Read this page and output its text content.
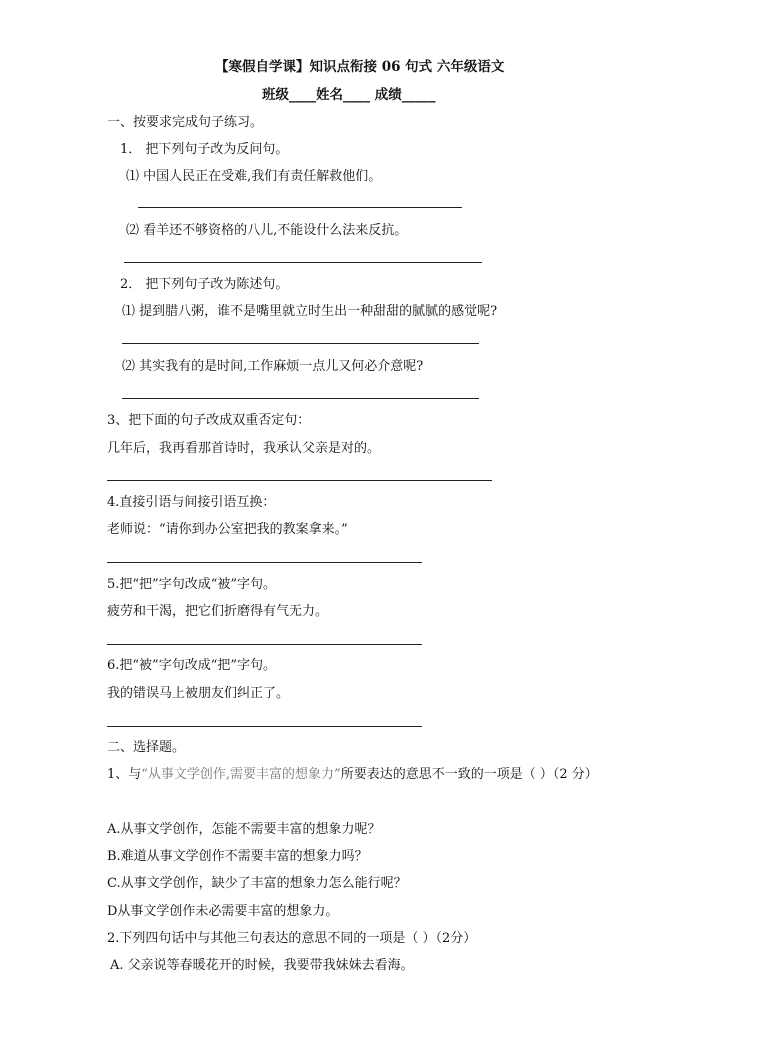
【寒假自学课】知识点衔接 06 句式 六年级语文
班级____姓名____ 成绩_____
一、按要求完成句子练习。
1． 把下列句子改为反问句。
⑴ 中国人民正在受难,我们有责任解救他们。
⑵ 看羊还不够资格的八儿,不能设什么法来反抗。
2． 把下列句子改为陈述句。
⑴ 提到腊八粥，谁不是嘴里就立时生出一种甜甜的腻腻的感觉呢?
⑵ 其实我有的是时间,工作麻烦一点儿又何必介意呢?
3、把下面的句子改成双重否定句：
几年后，我再看那首诗时，我承认父亲是对的。
4.直接引语与间接引语互换：
老师说：“请你到办公室把我的教案拿来。”
5.把“把”字句改成“被”字句。
疲劳和干渴，把它们折磨得有气无力。
6.把“被”字句改成“把”字句。
我的错误马上被朋友们纠正了。
二、选择题。
1、与“从事文学创作,需要丰富的想象力”所要表达的意思不一致的一项是（ ）（2 分）
A.从事文学创作，怎能不需要丰富的想象力呢？
B.难道从事文学创作不需要丰富的想象力吗？
C.从事文学创作，缺少了丰富的想象力怎么能行呢？
D从事文学创作未必需要丰富的想象力。
2.下列四句话中与其他三句表达的意思不同的一项是（ ）（2分）
A. 父亲说等春暖花开的时候，我要带我妹妹去看海。
